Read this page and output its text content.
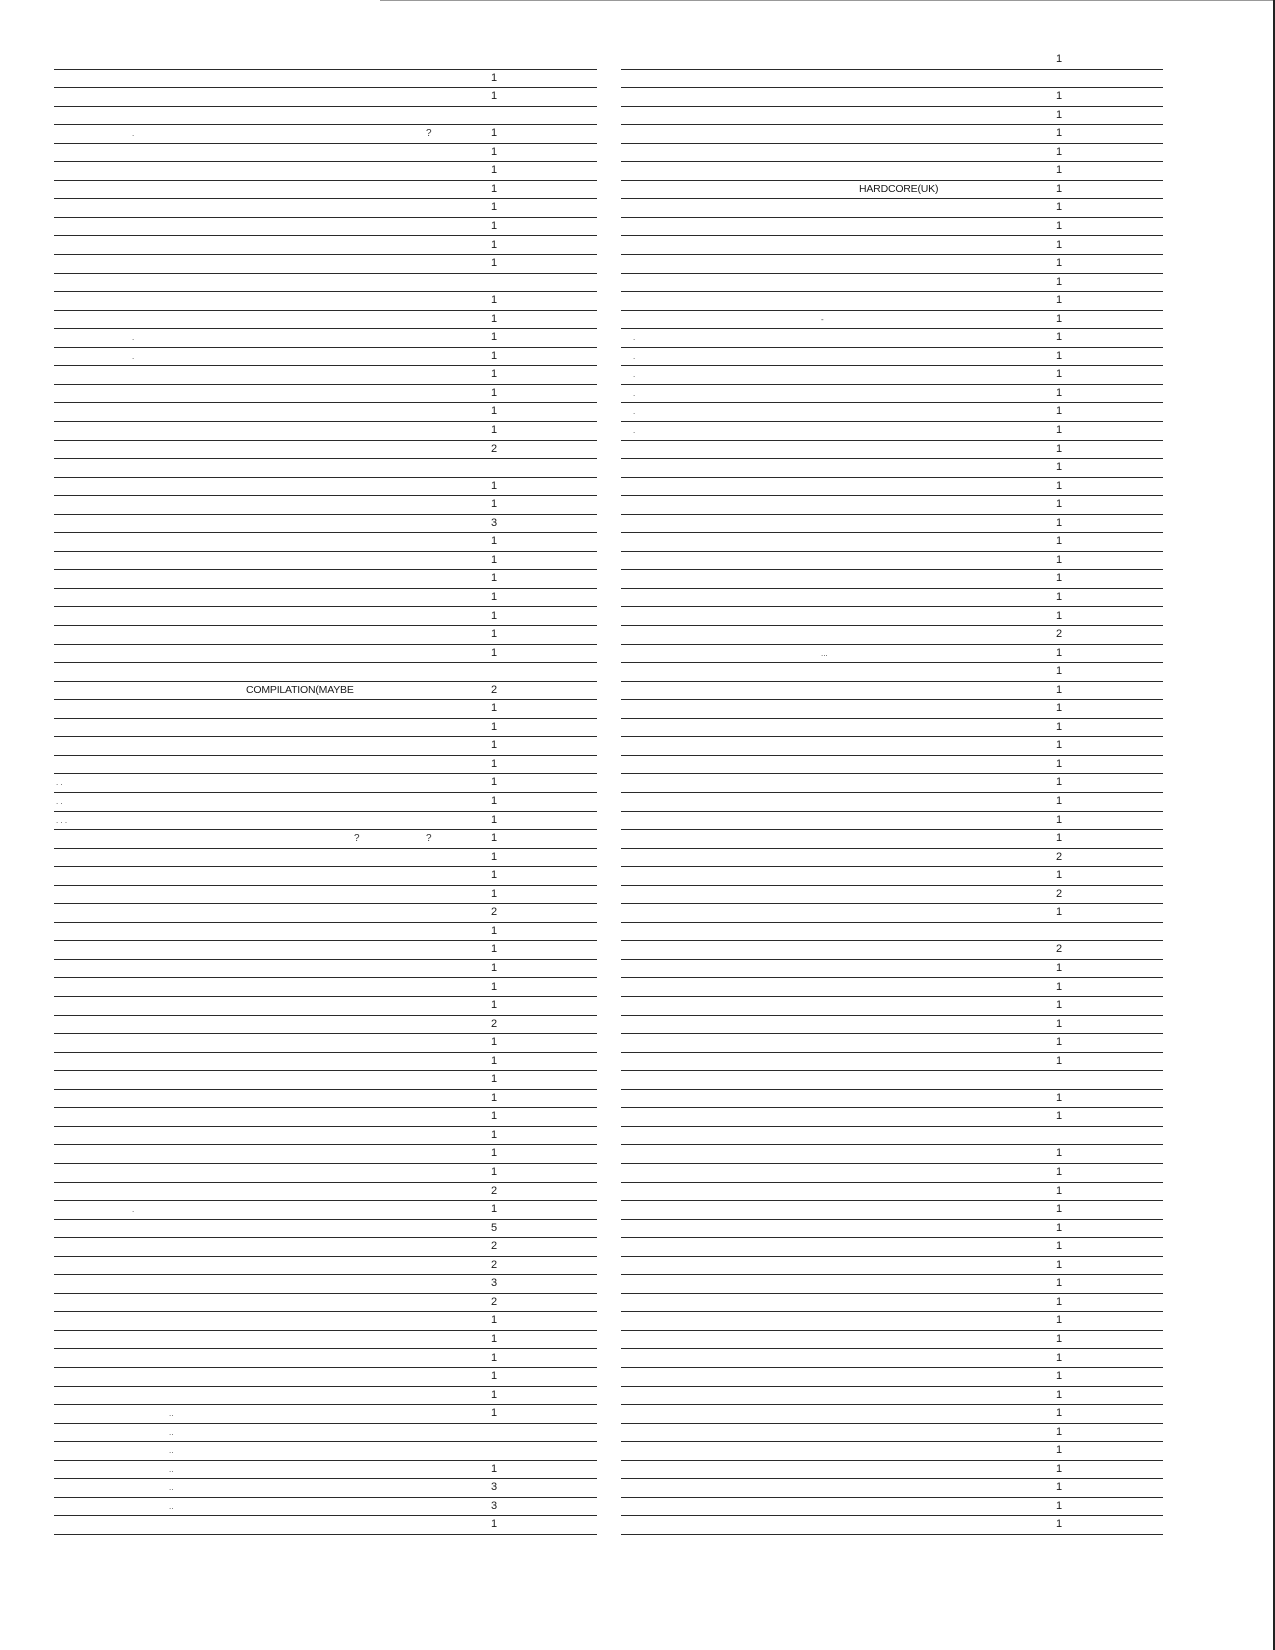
1
1
1
?
.
1
1
1
1
1
1
1
1
1
1
.
1
.
1
1
1
1
2
1
1
3
1
1
1
1
1
1
1
2
COMPILATION(MAYBE
1
1
1
1
1
. .
1
. .
1
. . .
1
?
?
1
1
1
2
1
1
1
1
1
2
1
1
1
1
1
1
1
1
2
1
.
5
2
2
3
2
1
1
1
1
1
1
..
..
..
1
..
3
..
3
..
1
1
1
1
1
1
1
1
HARDCORE(UK)
1
1
1
1
1
1
1
-
1
.
1
.
1
.
1
.
1
.
1
.
1
1
1
1
1
1
1
1
1
1
2
1
...
1
1
1
1
1
1
1
1
1
1
2
1
2
1
2
1
1
1
1
1
1
1
1
1
1
1
1
1
1
1
1
1
1
1
1
1
1
1
1
1
1
1
1
1
